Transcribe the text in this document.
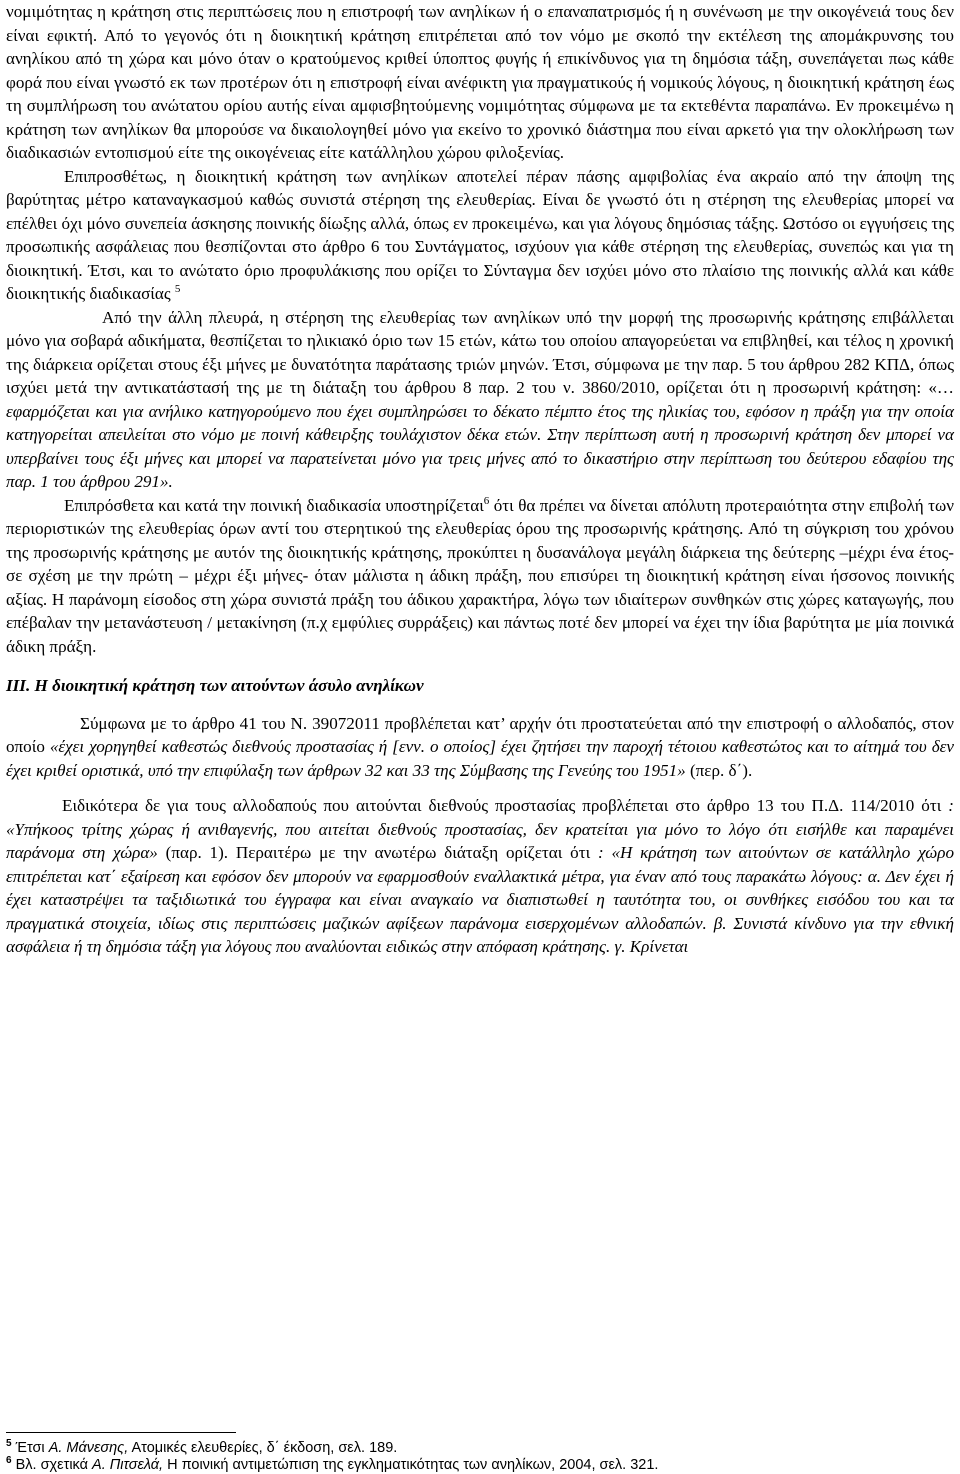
νομιμότητας η κράτηση στις περιπτώσεις που η επιστροφή των ανηλίκων ή ο επαναπατρισμός ή η συνένωση με την οικογένειά τους δεν είναι εφικτή. Από το γεγονός ότι η διοικητική κράτηση επιτρέπεται από τον νόμο με σκοπό την εκτέλεση της απομάκρυνσης του ανηλίκου από τη χώρα και μόνο όταν ο κρατούμενος κριθεί ύποπτος φυγής ή επικίνδυνος για τη δημόσια τάξη, συνεπάγεται πως κάθε φορά που είναι γνωστό εκ των προτέρων ότι η επιστροφή είναι ανέφικτη για πραγματικούς ή νομικούς λόγους, η διοικητική κράτηση έως τη συμπλήρωση του ανώτατου ορίου αυτής είναι αμφισβητούμενης νομιμότητας σύμφωνα με τα εκτεθέντα παραπάνω. Εν προκειμένω η κράτηση των ανηλίκων θα μπορούσε να δικαιολογηθεί μόνο για εκείνο το χρονικό διάστημα που είναι αρκετό για την ολοκλήρωση των διαδικασιών εντοπισμού είτε της οικογένειας είτε κατάλληλου χώρου φιλοξενίας.

Επιπροσθέτως, η διοικητική κράτηση των ανηλίκων αποτελεί πέραν πάσης αμφιβολίας ένα ακραίο από την άποψη της βαρύτητας μέτρο καταναγκασμού καθώς συνιστά στέρηση της ελευθερίας. Είναι δε γνωστό ότι η στέρηση της ελευθερίας μπορεί να επέλθει όχι μόνο συνεπεία άσκησης ποινικής δίωξης αλλά, όπως εν προκειμένω, και για λόγους δημόσιας τάξης. Ωστόσο οι εγγυήσεις της προσωπικής ασφάλειας που θεσπίζονται στο άρθρο 6 του Συντάγματος, ισχύουν για κάθε στέρηση της ελευθερίας, συνεπώς και για τη διοικητική. Έτσι, και το ανώτατο όριο προφυλάκισης που ορίζει το Σύνταγμα δεν ισχύει μόνο στο πλαίσιο της ποινικής αλλά και κάθε διοικητικής διαδικασίας $^5$

Από την άλλη πλευρά, η στέρηση της ελευθερίας των ανηλίκων υπό την μορφή της προσωρινής κράτησης επιβάλλεται μόνο για σοβαρά αδικήματα, θεσπίζεται το ηλικιακό όριο των 15 ετών, κάτω του οποίου απαγορεύεται να επιβληθεί, και τέλος η χρονική της διάρκεια ορίζεται στους έξι μήνες με δυνατότητα παράτασης τριών μηνών. Έτσι, σύμφωνα με την παρ. 5 του άρθρου 282 ΚΠΔ, όπως ισχύει μετά την αντικατάστασή της με τη διάταξη του άρθρου 8 παρ. 2 του ν. 3860/2010, ορίζεται ότι η προσωρινή κράτηση: «…εφαρμόζεται και για ανήλικο κατηγορούμενο που έχει συμπληρώσει το δέκατο πέμπτο έτος της ηλικίας του, εφόσον η πράξη για την οποία κατηγορείται απειλείται στο νόμο με ποινή κάθειρξης τουλάχιστον δέκα ετών. Στην περίπτωση αυτή η προσωρινή κράτηση δεν μπορεί να υπερβαίνει τους έξι μήνες και μπορεί να παρατείνεται μόνο για τρεις μήνες από το δικαστήριο στην περίπτωση του δεύτερου εδαφίου της παρ. 1 του άρθρου 291».

Επιπρόσθετα και κατά την ποινική διαδικασία υποστηρίζεται$^6$ ότι θα πρέπει να δίνεται απόλυτη προτεραιότητα στην επιβολή των περιοριστικών της ελευθερίας όρων αντί του στερητικού της ελευθερίας όρου της προσωρινής κράτησης. Από τη σύγκριση του χρόνου της προσωρινής κράτησης με αυτόν της διοικητικής κράτησης, προκύπτει η δυσανάλογα μεγάλη διάρκεια της δεύτερης –μέχρι ένα έτος- σε σχέση με την πρώτη – μέχρι έξι μήνες- όταν μάλιστα η άδικη πράξη, που επισύρει τη διοικητική κράτηση είναι ήσσονος ποινικής αξίας. Η παράνομη είσοδος στη χώρα συνιστά πράξη του άδικου χαρακτήρα, λόγω των ιδιαίτερων συνθηκών στις χώρες καταγωγής, που επέβαλαν την μετανάστευση / μετακίνηση (π.χ εμφύλιες συρράξεις) και πάντως ποτέ δεν μπορεί να έχει την ίδια βαρύτητα με μία ποινικά άδικη πράξη.

ΙΙΙ. Η διοικητική κράτηση των αιτούντων άσυλο ανηλίκων

Σύμφωνα με το άρθρο 41 του Ν. 39072011 προβλέπεται κατ’ αρχήν ότι προστατεύεται από την επιστροφή ο αλλοδαπός, στον οποίο «έχει χορηγηθεί καθεστώς διεθνούς προστασίας ή [ενν. ο οποίος] έχει ζητήσει την παροχή τέτοιου καθεστώτος και το αίτημά του δεν έχει κριθεί οριστικά, υπό την επιφύλαξη των άρθρων 32 και 33 της Σύμβασης της Γενεύης του 1951» (περ. δ΄).

Ειδικότερα δε για τους αλλοδαπούς που αιτούνται διεθνούς προστασίας προβλέπεται στο άρθρο 13 του Π.Δ. 114/2010 ότι : «Υπήκοος τρίτης χώρας ή ανιθαγενής, που αιτείται διεθνούς προστασίας, δεν κρατείται για μόνο το λόγο ότι εισήλθε και παραμένει παράνομα στη χώρα» (παρ. 1). Περαιτέρω με την ανωτέρω διάταξη ορίζεται ότι : «Η κράτηση των αιτούντων σε κατάλληλο χώρο επιτρέπεται κατ΄ εξαίρεση και εφόσον δεν μπορούν να εφαρμοσθούν εναλλακτικά μέτρα, για έναν από τους παρακάτω λόγους: α. Δεν έχει ή έχει καταστρέψει τα ταξιδιωτικά του έγγραφα και είναι αναγκαίο να διαπιστωθεί η ταυτότητα του, οι συνθήκες εισόδου του και τα πραγματικά στοιχεία, ιδίως στις περιπτώσεις μαζικών αφίξεων παράνομα εισερχομένων αλλοδαπών. β. Συνιστά κίνδυνο για την εθνική ασφάλεια ή τη δημόσια τάξη για λόγους που αναλύονται ειδικώς στην απόφαση κράτησης. γ. Κρίνεται

$^5$ Έτσι Α. Μάνεσης, Ατομικές ελευθερίες, δ΄ έκδοση, σελ. 189.

$^6$ Βλ. σχετικά Α. Πιτσελά, Η ποινική αντιμετώπιση της εγκληματικότητας των ανηλίκων, 2004, σελ. 321.
